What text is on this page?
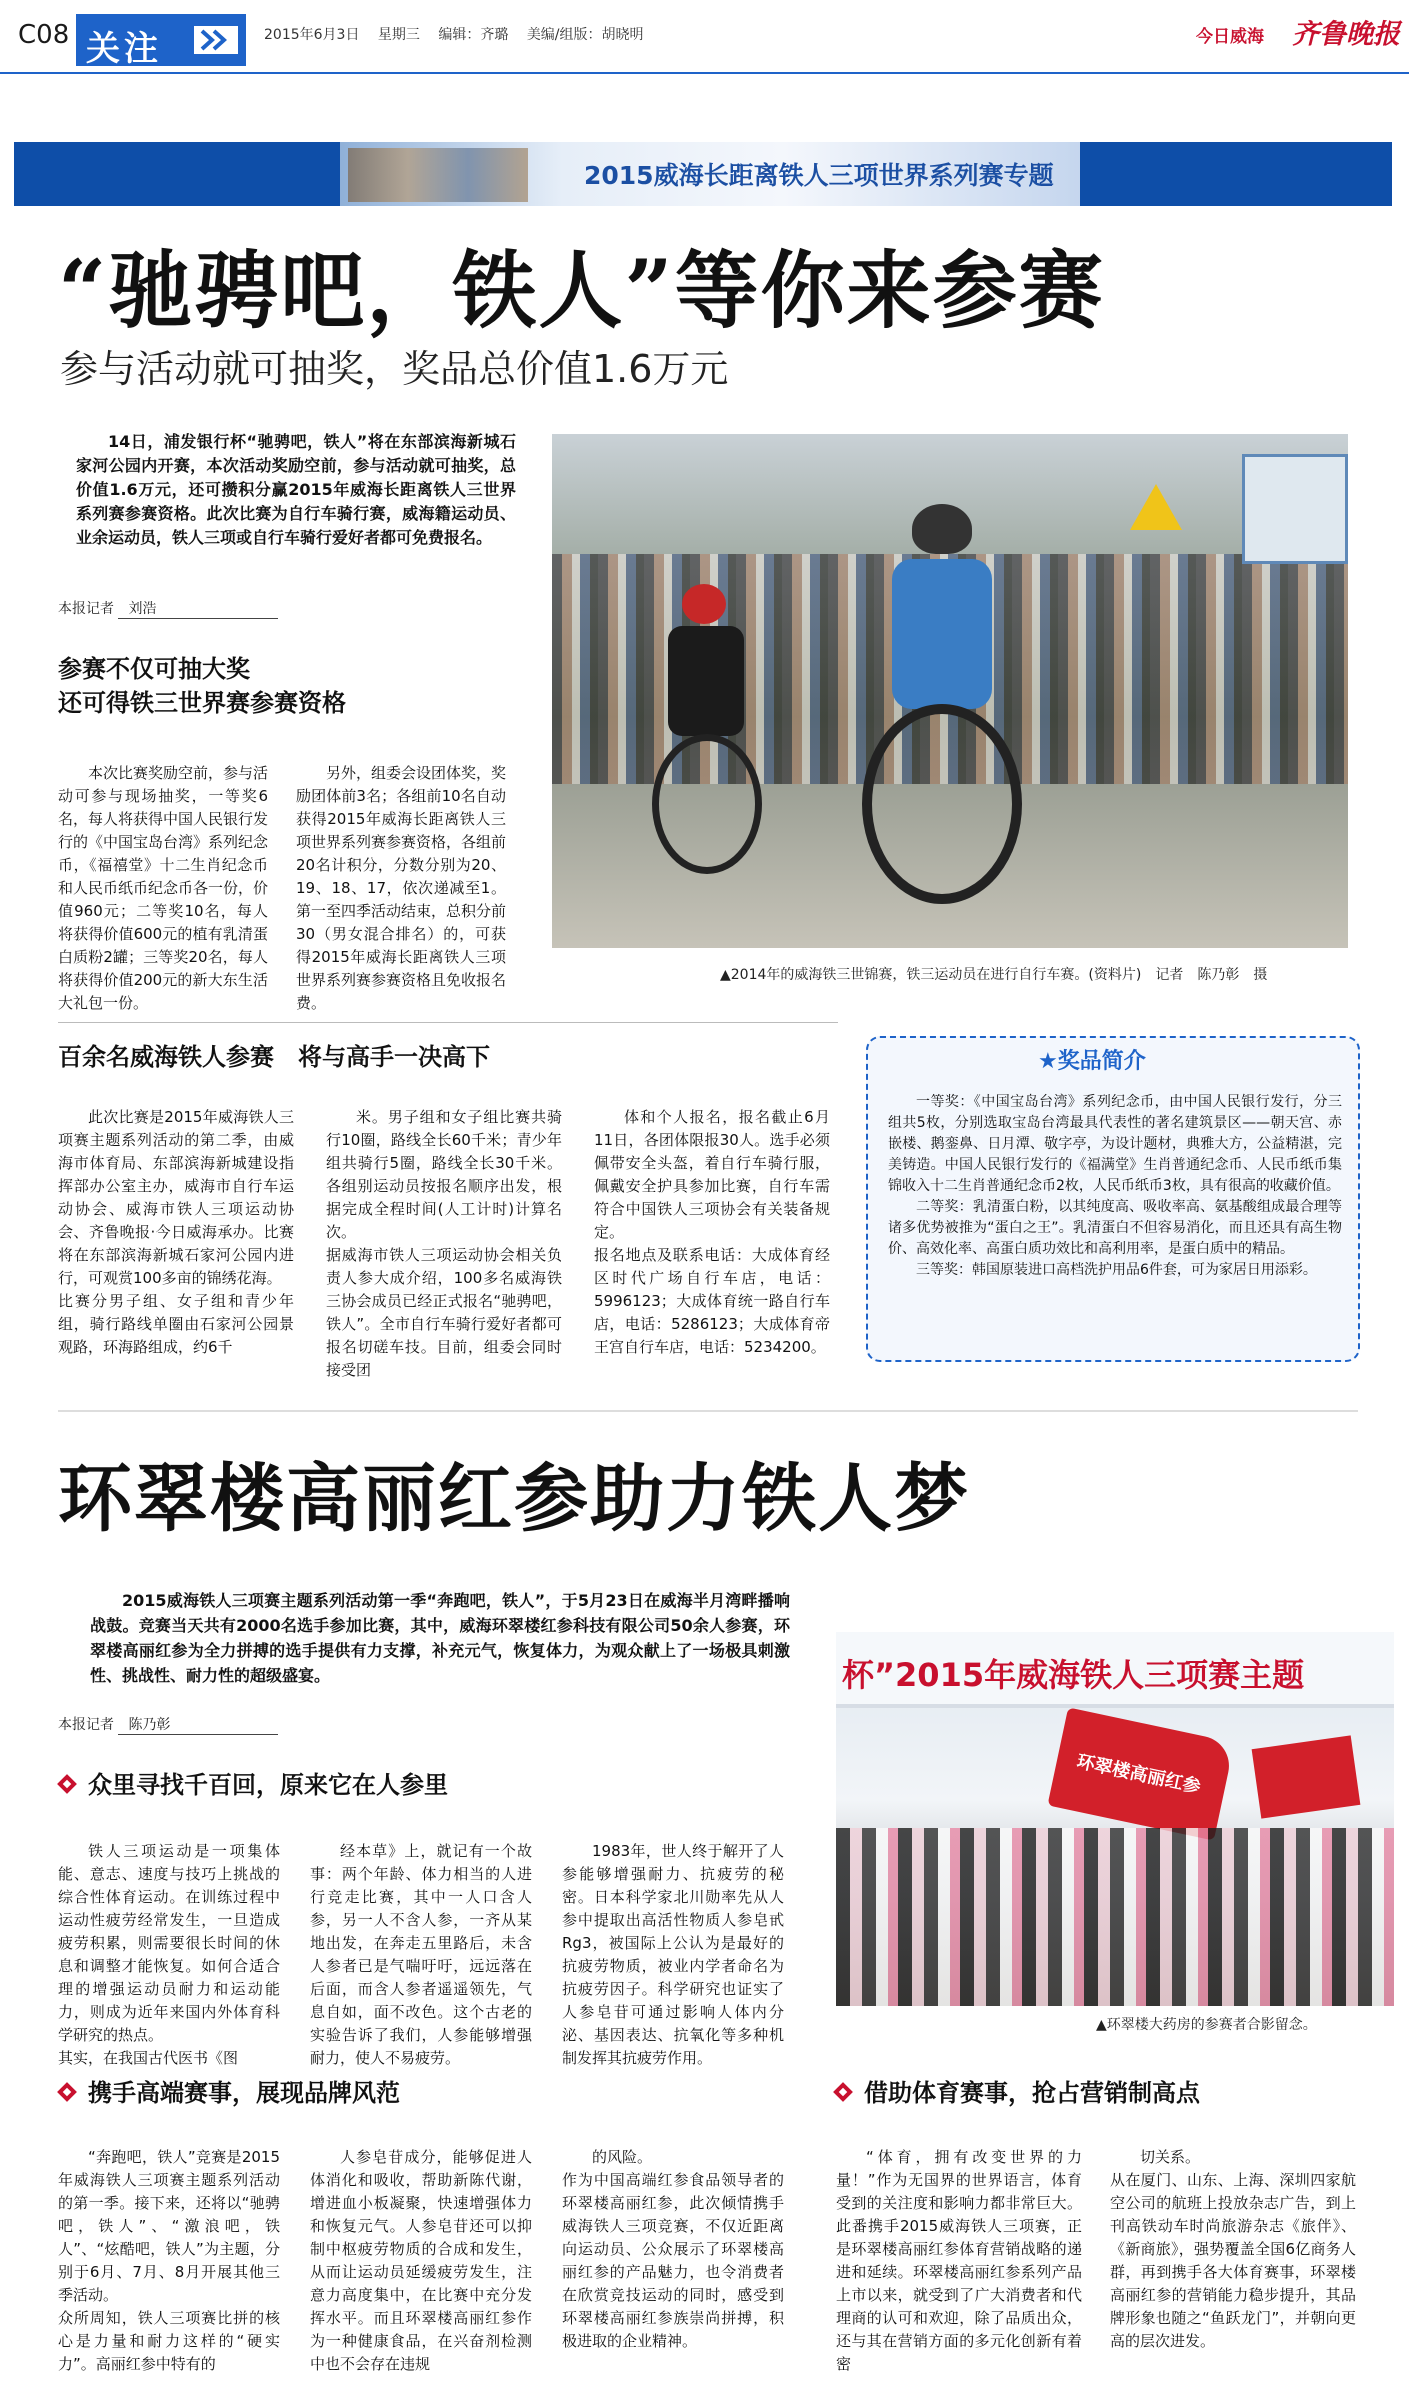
C08 关注	2015年6月3日　 星期三　 编辑：齐璐　 美编/组版：胡晓明	今日威海 齐鲁晚报
2015威海长距离铁人三项世界系列赛专题
“驰骋吧，铁人”等你来参赛
参与活动就可抽奖，奖品总价值1.6万元
14日，浦发银行杯“驰骋吧，铁人”将在东部滨海新城石家河公园内开赛，本次活动奖励空前，参与活动就可抽奖，总价值1.6万元，还可攒积分赢2015年威海长距离铁人三世界系列赛参赛资格。此次比赛为自行车骑行赛，威海籍运动员、业余运动员，铁人三项或自行车骑行爱好者都可免费报名。
本报记者 刘浩
参赛不仅可抽大奖
还可得铁三世界赛参赛资格
本次比赛奖励空前，参与活动可参与现场抽奖，一等奖6名，每人将获得中国人民银行发行的《中国宝岛台湾》系列纪念币，《福禧堂》十二生肖纪念币和人民币纸币纪念币各一份，价值960元；二等奖10名，每人将获得价值600元的植有乳清蛋白质粉2罐；三等奖20名，每人将获得价值200元的新大东生活大礼包一份。
另外，组委会设团体奖，奖励团体前3名；各组前10名自动获得2015年威海长距离铁人三项世界系列赛参赛资格，各组前20名计积分，分数分别为20、19、18、17，依次递减至1。第一至四季活动结束，总积分前30（男女混合排名）的，可获得2015年威海长距离铁人三项世界系列赛参赛资格且免收报名费。
▲2014年的威海铁三世锦赛，铁三运动员在进行自行车赛。(资料片)　记者　陈乃彰　摄
百余名威海铁人参赛　将与高手一决高下
此次比赛是2015年威海铁人三项赛主题系列活动的第二季，由威海市体育局、东部滨海新城建设指挥部办公室主办，威海市自行车运动协会、威海市铁人三项运动协会、齐鲁晚报·今日威海承办。比赛将在东部滨海新城石家河公园内进行，可观赏100多亩的锦绣花海。
比赛分男子组、女子组和青少年组，骑行路线单圈由石家河公园景观路，环海路组成，约6千
米。男子组和女子组比赛共骑行10圈，路线全长60千米；青少年组共骑行5圈，路线全长30千米。各组别运动员按报名顺序出发，根据完成全程时间(人工计时)计算名次。
据威海市铁人三项运动协会相关负责人参大成介绍，100多名威海铁三协会成员已经正式报名“驰骋吧，铁人”。全市自行车骑行爱好者都可报名切磋车技。目前，组委会同时接受团
体和个人报名，报名截止6月11日，各团体限报30人。选手必须佩带安全头盔，着自行车骑行服，佩戴安全护具参加比赛，自行车需符合中国铁人三项协会有关装备规定。
报名地点及联系电话：大成体育经区时代广场自行车店，电话：5996123；大成体育统一路自行车店，电话：5286123；大成体育帝王宫自行车店，电话：5234200。
★奖品简介

一等奖：《中国宝岛台湾》系列纪念币，由中国人民银行发行，分三组共5枚，分别选取宝岛台湾最具代表性的著名建筑景区——朝天宫、赤嵌楼、鹅銮鼻、日月潭、敬字亭，为设计题材，典雅大方，公益精湛，完美铸造。中国人民银行发行的《福满堂》生肖普通纪念币、人民币纸币集锦收入十二生肖普通纪念币2枚，人民币纸币3枚，具有很高的收藏价值。

二等奖：乳清蛋白粉，以其纯度高、吸收率高、氨基酸组成最合理等诸多优势被推为“蛋白之王”。乳清蛋白不但容易消化，而且还具有高生物价、高效化率、高蛋白质功效比和高利用率，是蛋白质中的精品。

三等奖：韩国原装进口高档洗护用品6件套，可为家居日用添彩。

环翠楼高丽红参助力铁人梦
2015威海铁人三项赛主题系列活动第一季“奔跑吧，铁人”，于5月23日在威海半月湾畔播响战鼓。竞赛当天共有2000名选手参加比赛，其中，威海环翠楼红参科技有限公司50余人参赛，环翠楼高丽红参为全力拼搏的选手提供有力支撑，补充元气，恢复体力，为观众献上了一场极具刺激性、挑战性、耐力性的超级盛宴。
本报记者 陈乃彰
众里寻找千百回，原来它在人参里
铁人三项运动是一项集体能、意志、速度与技巧上挑战的综合性体育运动。在训练过程中运动性疲劳经常发生，一旦造成疲劳积累，则需要很长时间的休息和调整才能恢复。如何合适合理的增强运动员耐力和运动能力，则成为近年来国内外体育科学研究的热点。
其实，在我国古代医书《图
经本草》上，就记有一个故事：两个年龄、体力相当的人进行竞走比赛，其中一人口含人参，另一人不含人参，一齐从某地出发，在奔走五里路后，未含人参者已是气喘吁吁，远远落在后面，而含人参者遥遥领先，气息自如，面不改色。这个古老的实验告诉了我们，人参能够增强耐力，使人不易疲劳。
1983年，世人终于解开了人参能够增强耐力、抗疲劳的秘密。日本科学家北川勋率先从人参中提取出高活性物质人参皂甙Rg3，被国际上公认为是最好的抗疲劳物质，被业内学者命名为抗疲劳因子。科学研究也证实了人参皂苷可通过影响人体内分泌、基因表达、抗氧化等多种机制发挥其抗疲劳作用。
杯”2015年威海铁人三项赛主题
环翠楼高丽红参
▲环翠楼大药房的参赛者合影留念。
携手高端赛事，展现品牌风范
“奔跑吧，铁人”竞赛是2015年威海铁人三项赛主题系列活动的第一季。接下来，还将以“驰骋吧，铁人”、“激浪吧，铁人”、“炫酷吧，铁人”为主题，分别于6月、7月、8月开展其他三季活动。
众所周知，铁人三项赛比拼的核心是力量和耐力这样的“硬实力”。高丽红参中特有的
人参皂苷成分，能够促进人体消化和吸收，帮助新陈代谢，增进血小板凝聚，快速增强体力和恢复元气。人参皂苷还可以抑制中枢疲劳物质的合成和发生，从而让运动员延缓疲劳发生，注意力高度集中，在比赛中充分发挥水平。而且环翠楼高丽红参作为一种健康食品，在兴奋剂检测中也不会存在违规
的风险。
作为中国高端红参食品领导者的环翠楼高丽红参，此次倾情携手威海铁人三项竞赛，不仅近距离向运动员、公众展示了环翠楼高丽红参的产品魅力，也令消费者在欣赏竞技运动的同时，感受到环翠楼高丽红参族崇尚拼搏，积极进取的企业精神。
借助体育赛事，抢占营销制高点
“体育，拥有改变世界的力量！”作为无国界的世界语言，体育受到的关注度和影响力都非常巨大。此番携手2015威海铁人三项赛，正是环翠楼高丽红参体育营销战略的递进和延续。环翠楼高丽红参系列产品上市以来，就受到了广大消费者和代理商的认可和欢迎，除了品质出众，还与其在营销方面的多元化创新有着密
切关系。
从在厦门、山东、上海、深圳四家航空公司的航班上投放杂志广告，到上刊高铁动车时尚旅游杂志《旅伴》、《新商旅》，强势覆盖全国6亿商务人群，再到携手各大体育赛事，环翠楼高丽红参的营销能力稳步提升，其品牌形象也随之“鱼跃龙门”，并朝向更高的层次进发。
